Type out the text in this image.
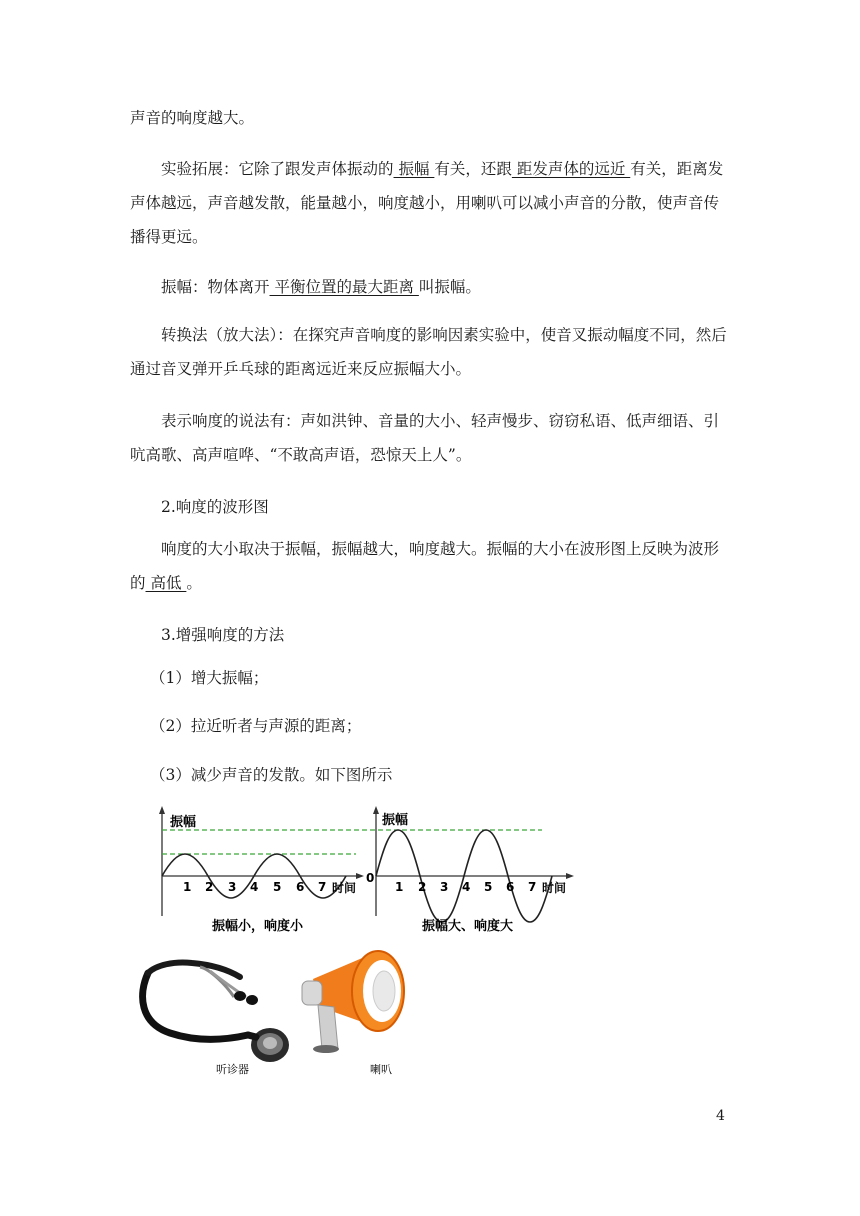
声音的响度越大。
实验拓展：它除了跟发声体振动的 振幅 有关，还跟 距发声体的远近 有关，距离发声体越远，声音越发散，能量越小，响度越小，用喇叭可以减小声音的分散，使声音传播得更远。
振幅：物体离开 平衡位置的最大距离 叫振幅。
转换法（放大法）：在探究声音响度的影响因素实验中，使音叉振动幅度不同，然后通过音叉弹开乒乓球的距离远近来反应振幅大小。
表示响度的说法有：声如洪钟、音量的大小、轻声慢步、窃窃私语、低声细语、引吭高歌、高声喧哗、“不敢高声语，恐惊天上人”。
2.响度的波形图
响度的大小取决于振幅，振幅越大，响度越大。振幅的大小在波形图上反映为波形的 高低 。
3.增强响度的方法
（1）增大振幅；
（2）拉近听者与声源的距离；
（3）减少声音的发散。如下图所示
振幅
1 2 3 4 5 6 7 时间
振幅小，响度小
0
振幅
1 2 3 4 5 6 7 时间
振幅大、响度大
听诊器	喇叭
4
